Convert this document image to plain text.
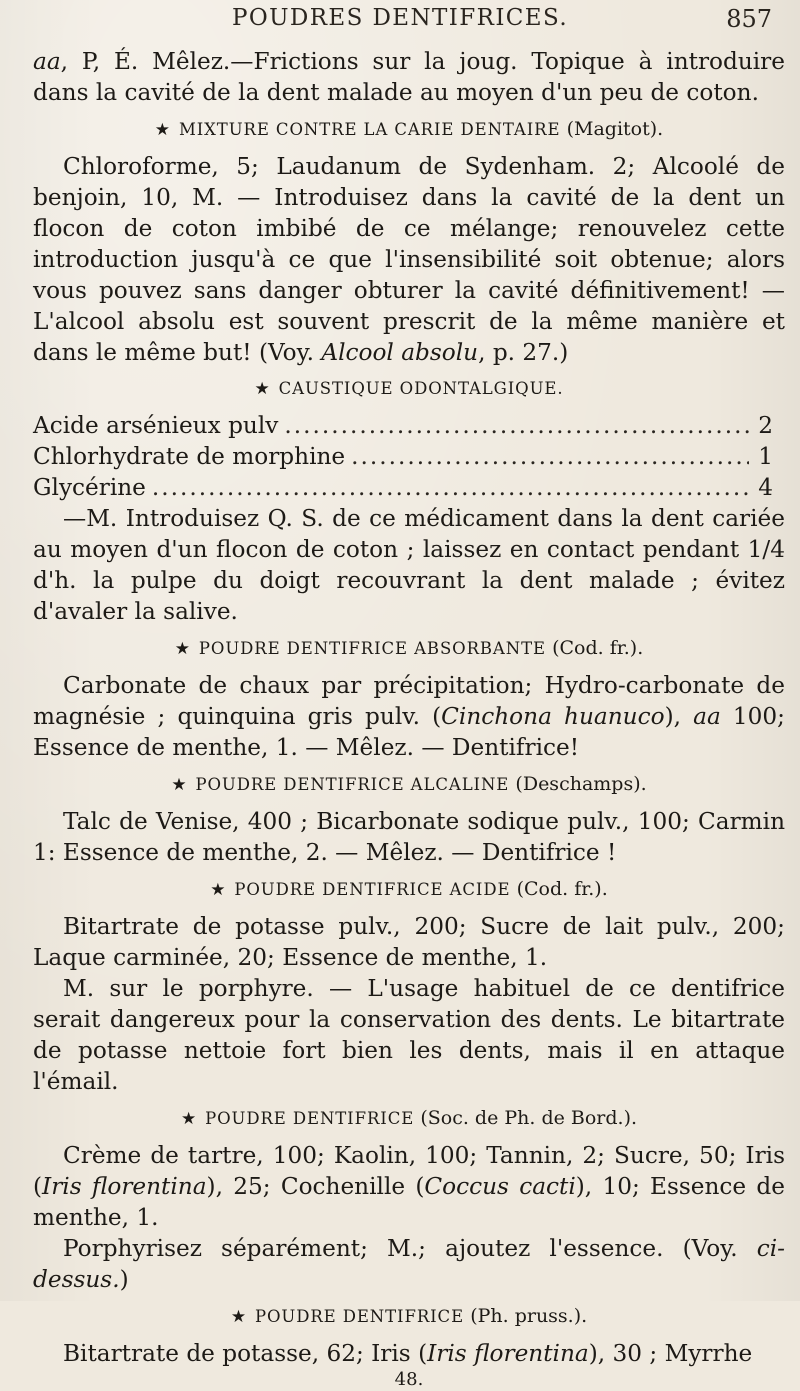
POUDRES DENTIFRICES.	857

aa, P, É. Mêlez.—Frictions sur la joug. Topique à introduire dans la cavité de la dent malade au moyen d'un peu de coton.

★ MIXTURE CONTRE LA CARIE DENTAIRE (Magitot).

Chloroforme, 5; Laudanum de Sydenham. 2; Alcoolé de benjoin, 10, M. — Introduisez dans la cavité de la dent un flocon de coton imbibé de ce mélange; renouvelez cette introduction jusqu'à ce que l'insensibilité soit obtenue; alors vous pouvez sans danger obturer la cavité définitivement! — L'alcool absolu est souvent prescrit de la même manière et dans le même but! (Voy. Alcool absolu, p. 27.)

★ CAUSTIQUE ODONTALGIQUE.
Acide arsénieux pulv .....	2
Chlorhydrate de morphine .....	1
Glycérine .....	4

—M. Introduisez Q. S. de ce médicament dans la dent cariée au moyen d'un flocon de coton ; laissez en contact pendant 1/4 d'h. la pulpe du doigt recouvrant la dent malade ; évitez d'avaler la salive.

★ POUDRE DENTIFRICE ABSORBANTE (Cod. fr.).

Carbonate de chaux par précipitation; Hydro-carbonate de magnésie ; quinquina gris pulv. (Cinchona huanuco), aa 100; Essence de menthe, 1. — Mêlez. — Dentifrice!

★ POUDRE DENTIFRICE ALCALINE (Deschamps).

Talc de Venise, 400 ; Bicarbonate sodique pulv., 100; Carmin 1: Essence de menthe, 2. — Mêlez. — Dentifrice !

★ POUDRE DENTIFRICE ACIDE (Cod. fr.).

Bitartrate de potasse pulv., 200; Sucre de lait pulv., 200; Laque carminée, 20; Essence de menthe, 1.

M. sur le porphyre. — L'usage habituel de ce dentifrice serait dangereux pour la conservation des dents. Le bitartrate de potasse nettoie fort bien les dents, mais il en attaque l'émail.

★ POUDRE DENTIFRICE (Soc. de Ph. de Bord.).

Crème de tartre, 100; Kaolin, 100; Tannin, 2; Sucre, 50; Iris (Iris florentina), 25; Cochenille (Coccus cacti), 10; Essence de menthe, 1.

Porphyrisez séparément; M.; ajoutez l'essence. (Voy. ci-dessus.)

★ POUDRE DENTIFRICE (Ph. pruss.).

Bitartrate de potasse, 62; Iris (Iris florentina), 30 ; Myrrhe

48.
